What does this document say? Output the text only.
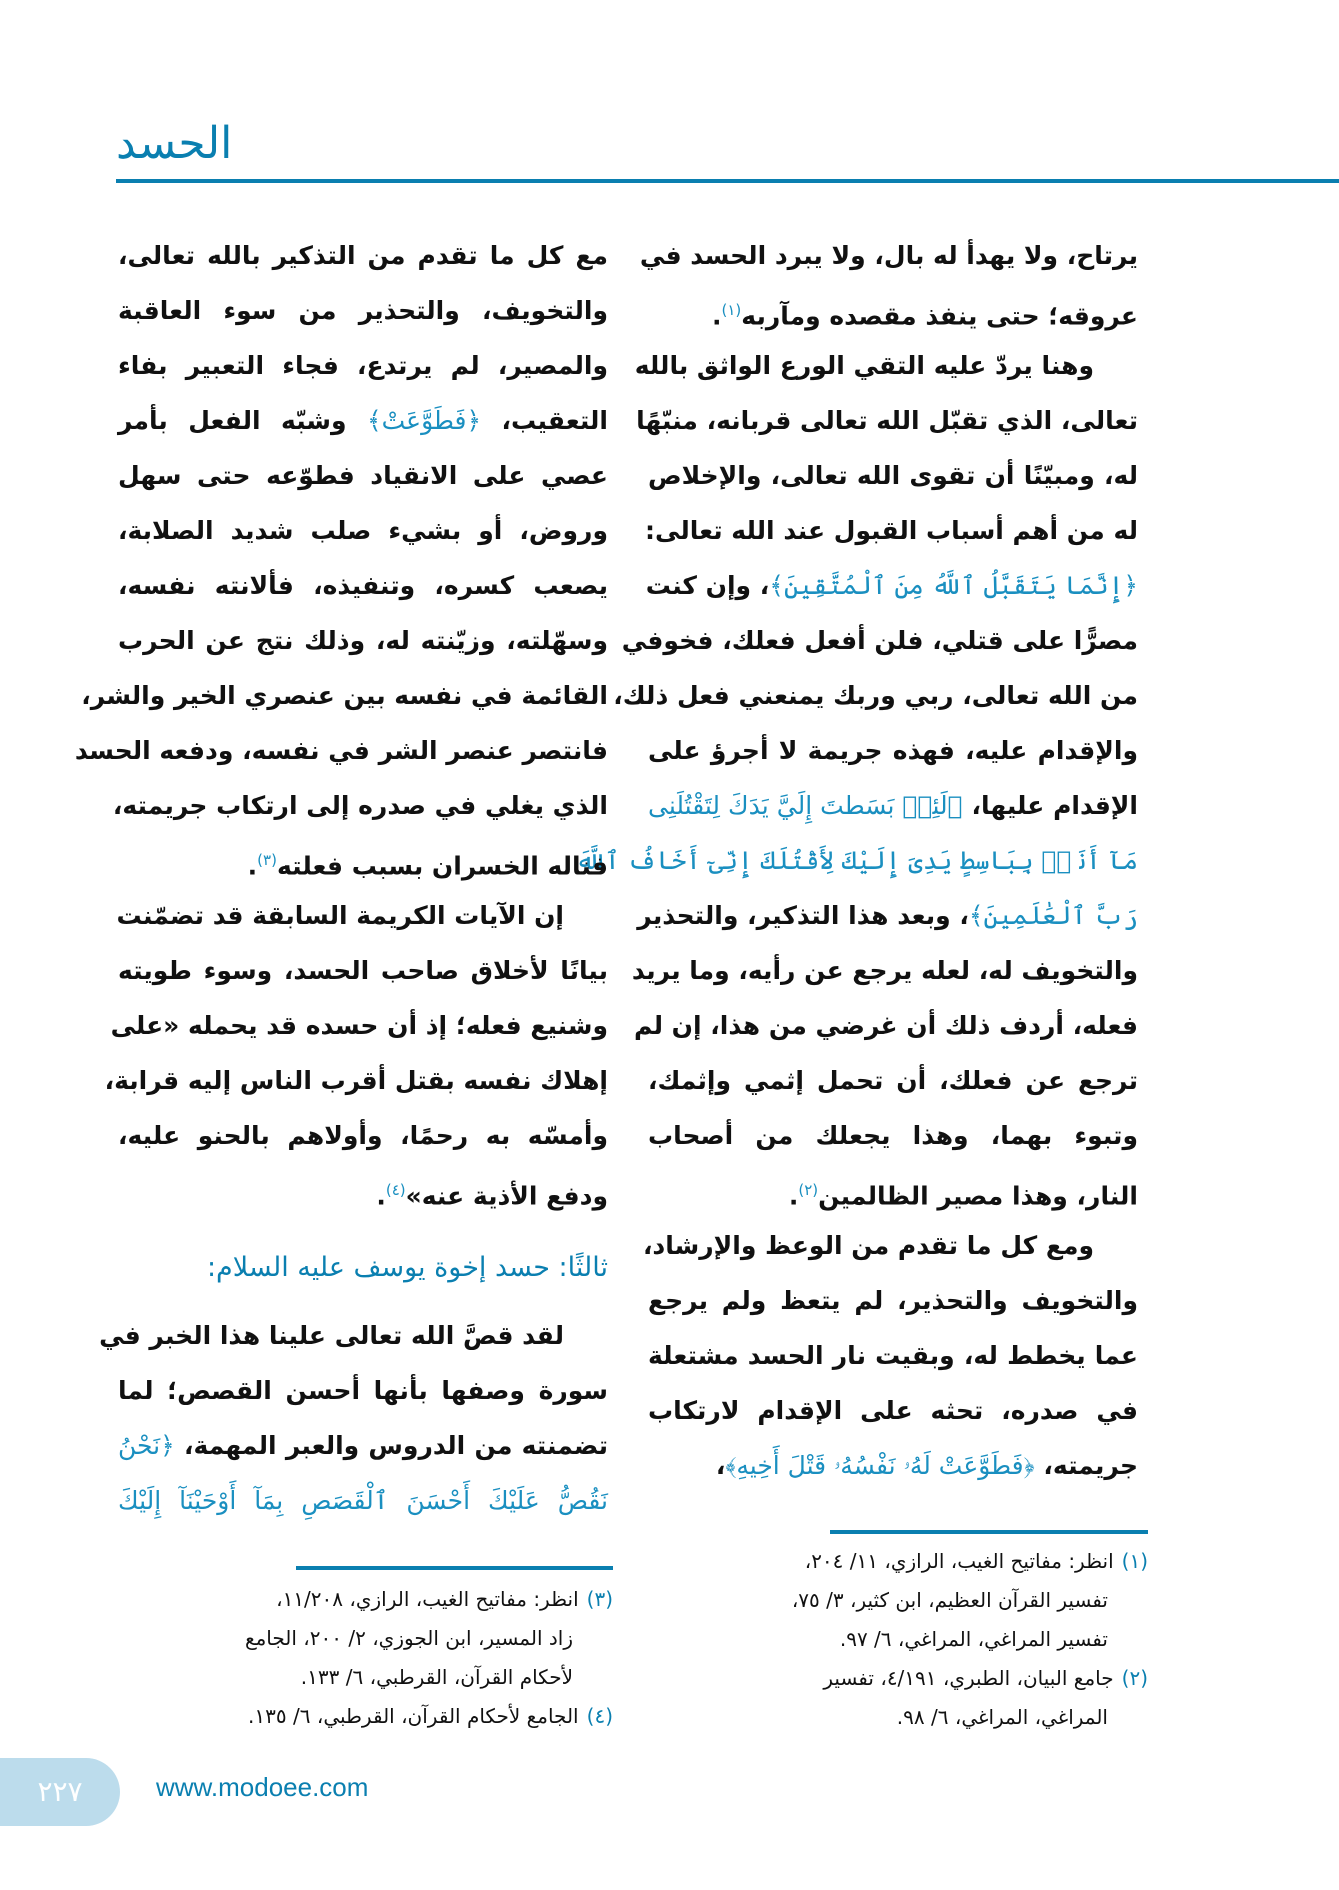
الحسد
يرتاح، ولا يهدأ له بال، ولا يبرد الحسد في
عروقه؛ حتى ينفذ مقصده ومآربه$^{(١)}$.
وهنا يردّ عليه التقي الورع الواثق بالله
تعالى، الذي تقبّل الله تعالى قربانه، منبّهًا
له، ومبيّنًا أن تقوى الله تعالى، والإخلاص
له من أهم أسباب القبول عند الله تعالى:
﴿إِنَّمَا يَتَقَبَّلُ ٱللَّهُ مِنَ ٱلْمُتَّقِينَ﴾، وإن كنت
مصرًّا على قتلي، فلن أفعل فعلك، فخوفي
من الله تعالى، ربي وربك يمنعني فعل ذلك،
والإقدام عليه، فهذه جريمة لا أجرؤ على
الإقدام عليها، ﴿لَئِنۢ بَسَطتَ إِلَيَّ يَدَكَ لِتَقْتُلَنِى
مَآ أَنَا۠ بِبَاسِطٍ يَدِىَ إِلَيْكَ لِأَقْتُلَكَ إِنِّىٓ أَخَافُ ٱللَّهَ
رَبَّ ٱلْعَٰلَمِينَ﴾، وبعد هذا التذكير، والتحذير
والتخويف له، لعله يرجع عن رأيه، وما يريد
فعله، أردف ذلك أن غرضي من هذا، إن لم
ترجع عن فعلك، أن تحمل إثمي وإثمك،
وتبوء بهما، وهذا يجعلك من أصحاب
النار، وهذا مصير الظالمين$^{(٢)}$.
ومع كل ما تقدم من الوعظ والإرشاد،
والتخويف والتحذير، لم يتعظ ولم يرجع
عما يخطط له، وبقيت نار الحسد مشتعلة
في صدره، تحثه على الإقدام لارتكاب
جريمته، ﴿فَطَوَّعَتْ لَهُۥ نَفْسُهُۥ قَتْلَ أَخِيهِ﴾،
مع كل ما تقدم من التذكير بالله تعالى،
والتخويف، والتحذير من سوء العاقبة
والمصير، لم يرتدع، فجاء التعبير بفاء
التعقيب، ﴿فَطَوَّعَتْ﴾ وشبّه الفعل بأمر
عصي على الانقياد فطوّعه حتى سهل
وروض، أو بشيء صلب شديد الصلابة،
يصعب كسره، وتنفيذه، فألانته نفسه،
وسهّلته، وزيّنته له، وذلك نتج عن الحرب
القائمة في نفسه بين عنصري الخير والشر،
فانتصر عنصر الشر في نفسه، ودفعه الحسد
الذي يغلي في صدره إلى ارتكاب جريمته،
فناله الخسران بسبب فعلته$^{(٣)}$.
إن الآيات الكريمة السابقة قد تضمّنت
بيانًا لأخلاق صاحب الحسد، وسوء طويته
وشنيع فعله؛ إذ أن حسده قد يحمله «على
إهلاك نفسه بقتل أقرب الناس إليه قرابة،
وأمسّه به رحمًا، وأولاهم بالحنو عليه،
ودفع الأذية عنه»$^{(٤)}$.
لقد قصَّ الله تعالى علينا هذا الخبر في
سورة وصفها بأنها أحسن القصص؛ لما
تضمنته من الدروس والعبر المهمة، ﴿نَحْنُ
نَقُصُّ عَلَيْكَ أَحْسَنَ ٱلْقَصَصِ بِمَآ أَوْحَيْنَآ إِلَيْكَ
ثالثًا: حسد إخوة يوسف عليه السلام:
(١)انظر: مفاتيح الغيب، الرازي، ١١/ ٢٠٤،
تفسير القرآن العظيم، ابن كثير، ٣/ ٧٥،
تفسير المراغي، المراغي، ٦/ ٩٧.
(٢)جامع البيان، الطبري، ٤/١٩١، تفسير
المراغي، المراغي، ٦/ ٩٨.
(٣)انظر: مفاتيح الغيب، الرازي، ١١/٢٠٨،
زاد المسير، ابن الجوزي، ٢/ ٢٠٠، الجامع
لأحكام القرآن، القرطبي، ٦/ ١٣٣.
(٤)الجامع لأحكام القرآن، القرطبي، ٦/ ١٣٥.
٢٢٧	www.modoee.com
